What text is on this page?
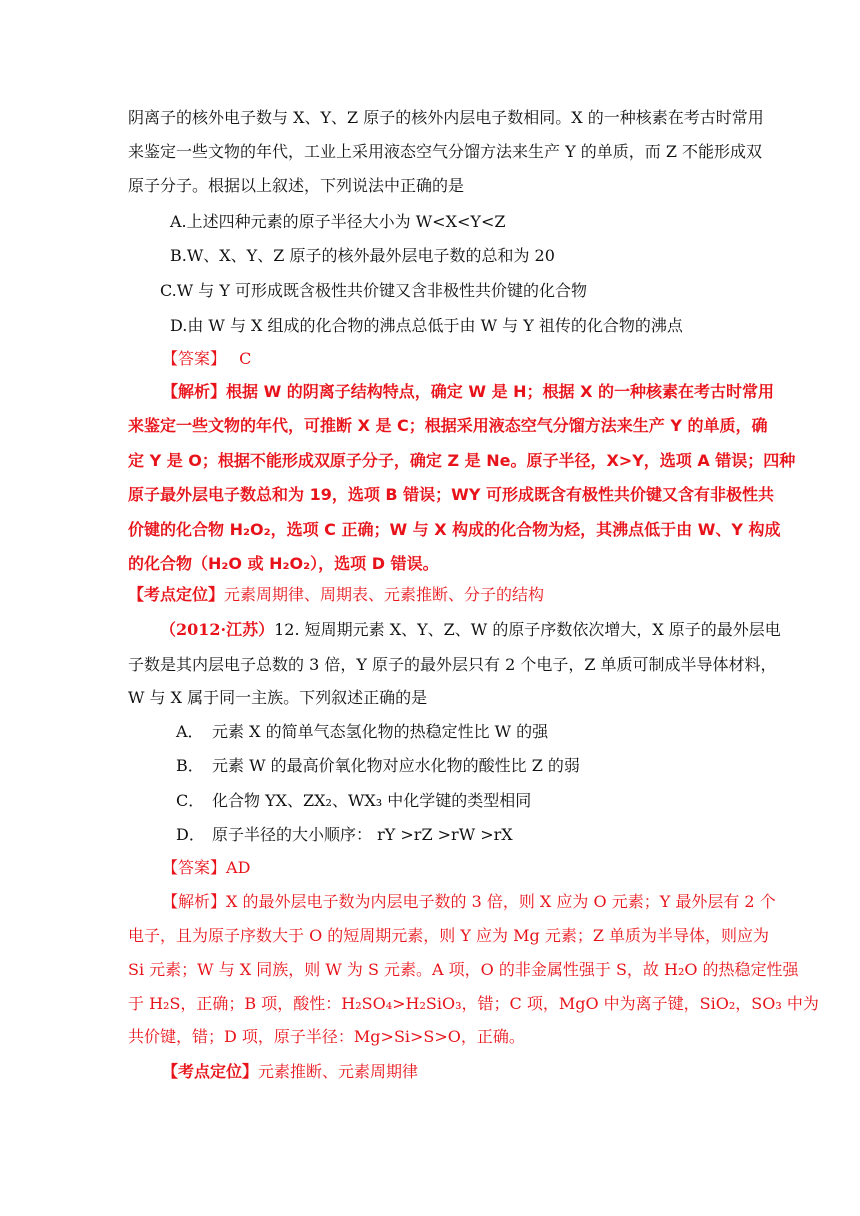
阴离子的核外电子数与 X、Y、Z 原子的核外内层电子数相同。X 的一种核素在考古时常用
来鉴定一些文物的年代，工业上采用液态空气分馏方法来生产 Y 的单质，而 Z 不能形成双
原子分子。根据以上叙述，下列说法中正确的是
A.上述四种元素的原子半径大小为 W<X<Y<Z
B.W、X、Y、Z 原子的核外最外层电子数的总和为 20
C.W 与 Y 可形成既含极性共价键又含非极性共价键的化合物
D.由 W 与 X 组成的化合物的沸点总低于由 W 与 Y 祖传的化合物的沸点
【答案】 C
【解析】根据 W 的阴离子结构特点，确定 W 是 H；根据 X 的一种核素在考古时常用
来鉴定一些文物的年代，可推断 X 是 C；根据采用液态空气分馏方法来生产 Y 的单质，确
定 Y 是 O；根据不能形成双原子分子，确定 Z 是 Ne。原子半径，X>Y，选项 A 错误；四种
原子最外层电子数总和为 19，选项 B 错误；WY 可形成既含有极性共价键又含有非极性共
价键的化合物 H₂O₂，选项 C 正确；W 与 X 构成的化合物为烃，其沸点低于由 W、Y 构成
的化合物（H₂O 或 H₂O₂），选项 D 错误。
【考点定位】元素周期律、周期表、元素推断、分子的结构
（2012·江苏）12. 短周期元素 X、Y、Z、W 的原子序数依次增大，X 原子的最外层电
子数是其内层电子总数的 3 倍，Y 原子的最外层只有 2 个电子，Z 单质可制成半导体材料，
W 与 X 属于同一主族。下列叙述正确的是
A． 元素 X 的简单气态氢化物的热稳定性比 W 的强
B． 元素 W 的最高价氧化物对应水化物的酸性比 Z 的弱
C． 化合物 YX、ZX₂、WX₃ 中化学键的类型相同
D． 原子半径的大小顺序： rY >rZ >rW >rX
【答案】AD
【解析】X 的最外层电子数为内层电子数的 3 倍，则 X 应为 O 元素；Y 最外层有 2 个
电子，且为原子序数大于 O 的短周期元素，则 Y 应为 Mg 元素；Z 单质为半导体，则应为
Si 元素；W 与 X 同族，则 W 为 S 元素。A 项，O 的非金属性强于 S，故 H₂O 的热稳定性强
于 H₂S，正确；B 项，酸性：H₂SO₄>H₂SiO₃，错；C 项，MgO 中为离子键，SiO₂，SO₃ 中为
共价键，错；D 项，原子半径：Mg>Si>S>O，正确。
【考点定位】元素推断、元素周期律
